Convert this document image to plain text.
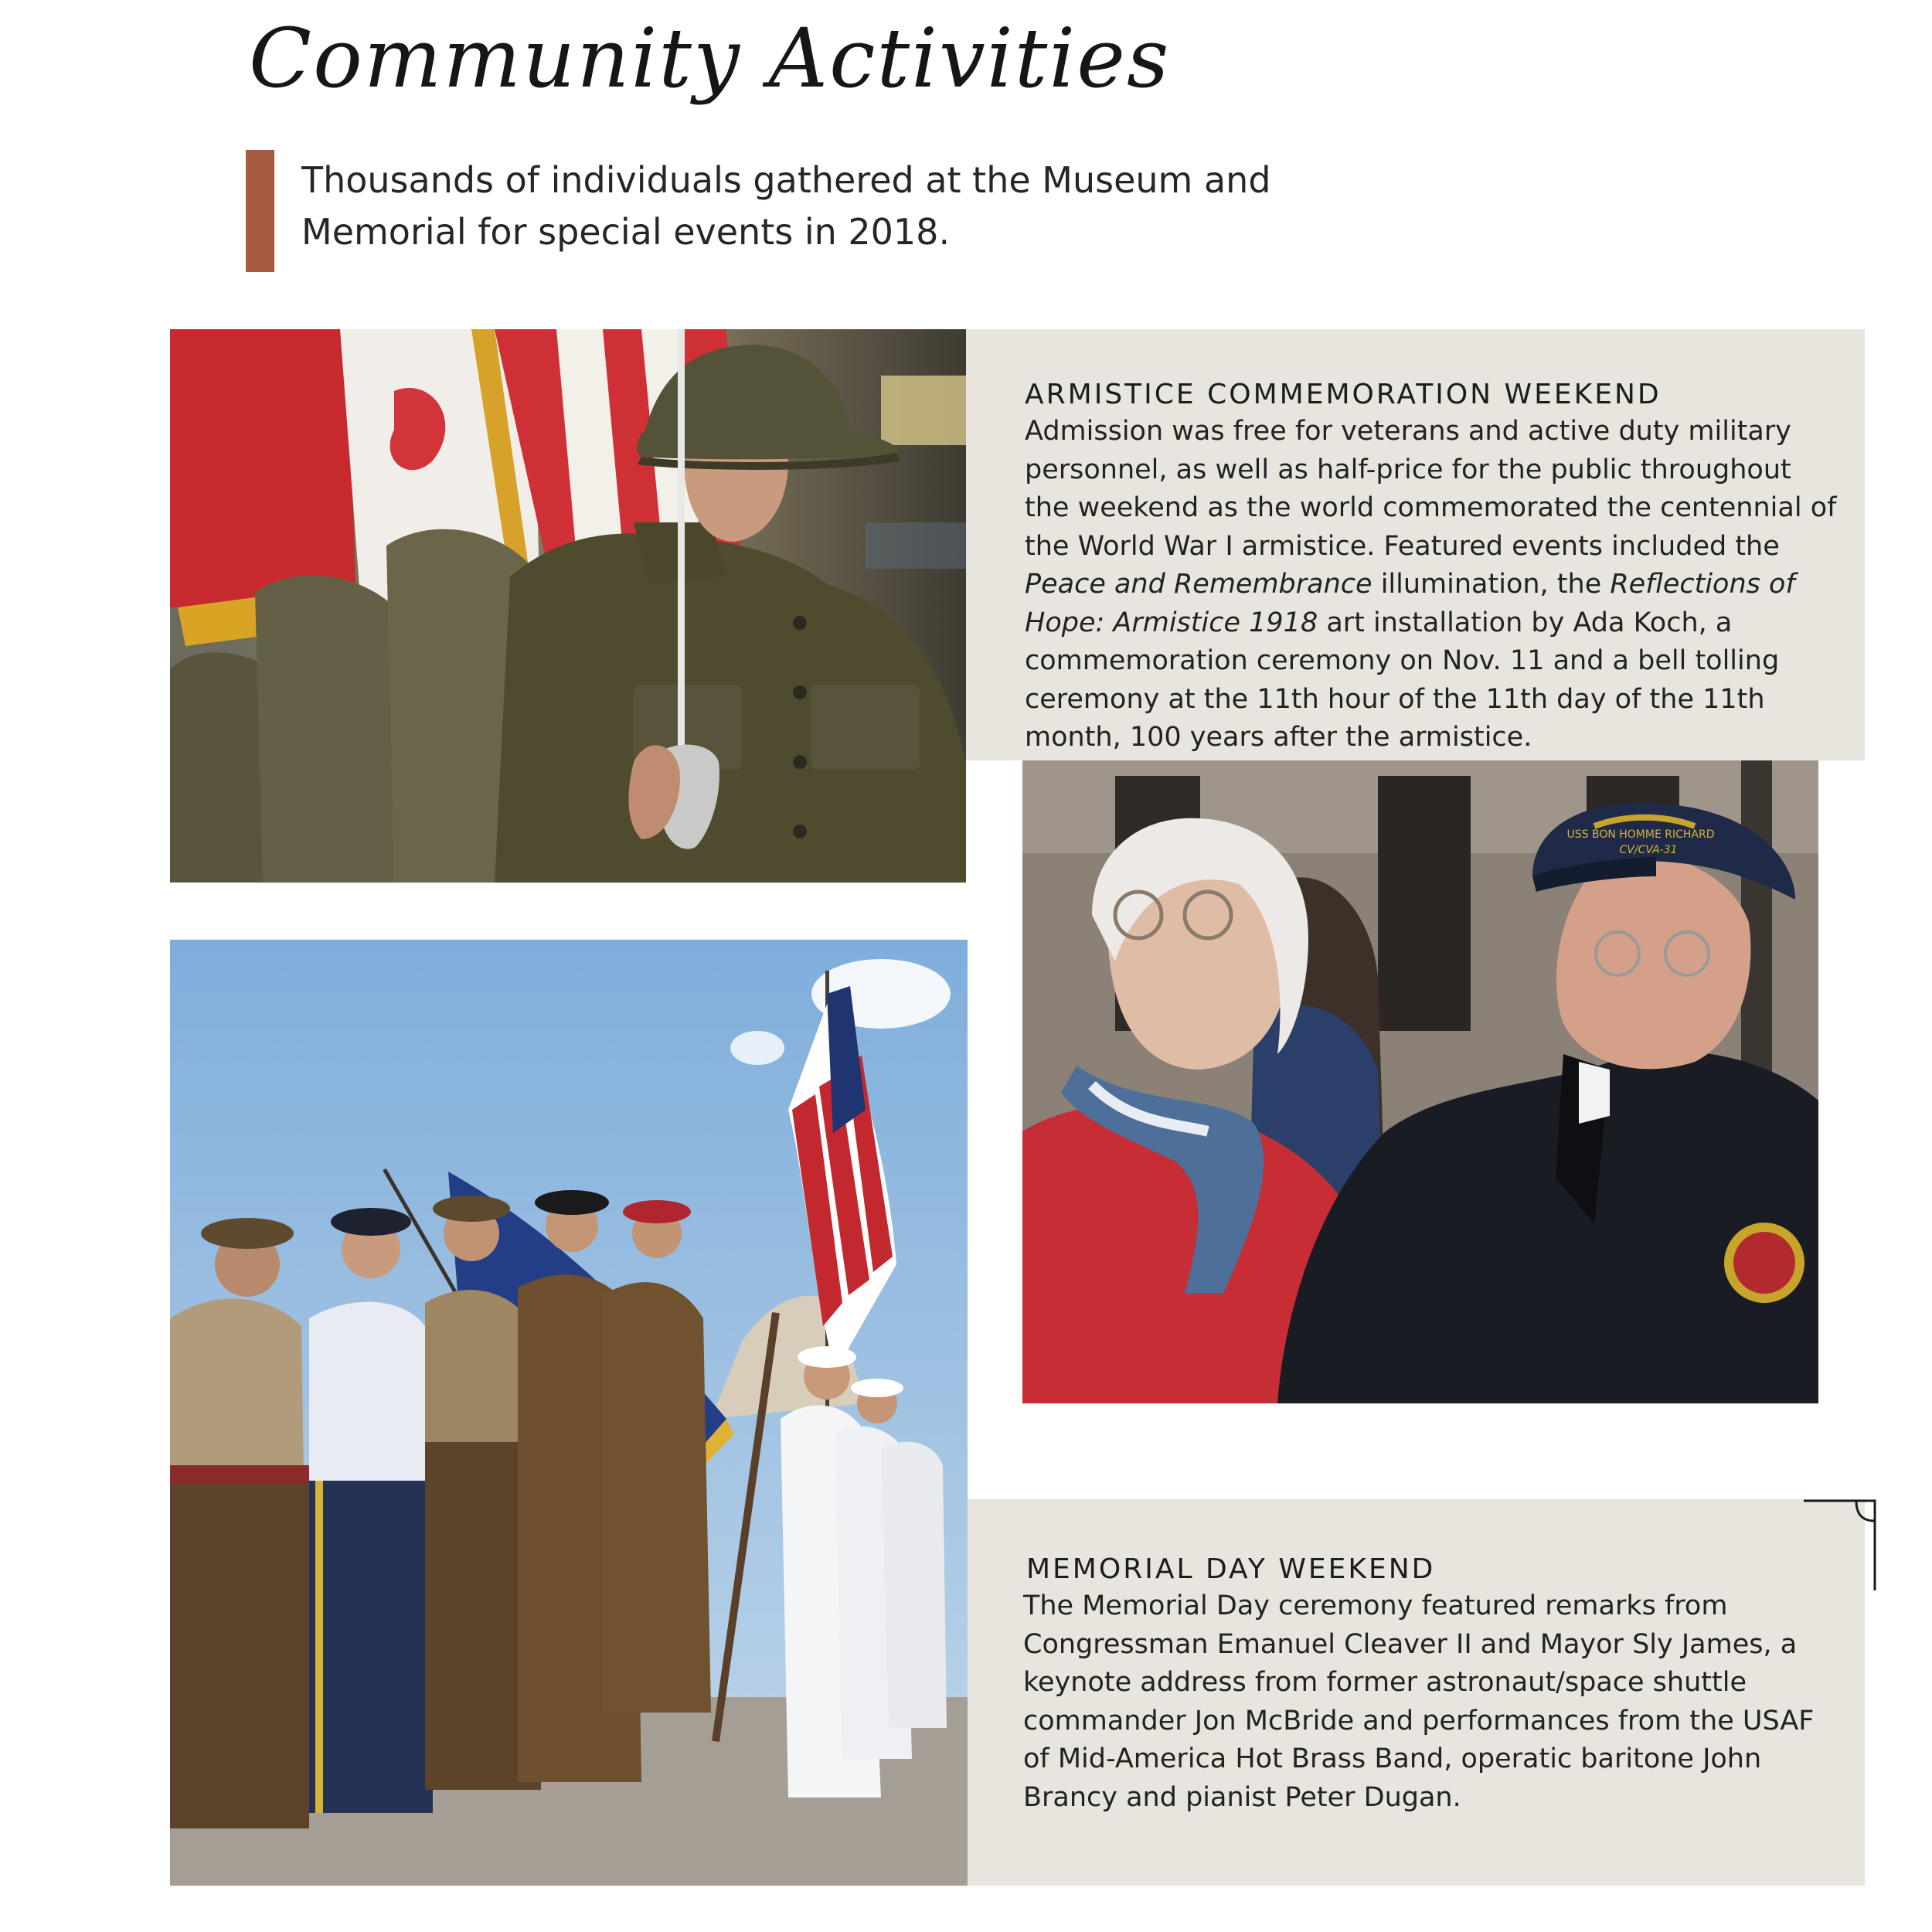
Community Activities

Thousands of individuals gathered at the Museum and
Memorial for special events in 2018.

ARMISTICE COMMEMORATION WEEKEND

Admission was free for veterans and active duty military personnel, as well as half-price for the public throughout the weekend as the world commemorated the centennial of the World War I armistice. Featured events included the Peace and Remembrance illumination, the Reflections of Hope: Armistice 1918 art installation by Ada Koch, a commemoration ceremony on Nov. 11 and a bell tolling ceremony at the 11th hour of the 11th day of the 11th month, 100 years after the armistice.

USS BON HOMME RICHARD
CV/CVA-31
MEMORIAL DAY WEEKEND

The Memorial Day ceremony featured remarks from Congressman Emanuel Cleaver II and Mayor Sly James, a keynote address from former astronaut/space shuttle commander Jon McBride and performances from the USAF of Mid-America Hot Brass Band, operatic baritone John Brancy and pianist Peter Dugan.
